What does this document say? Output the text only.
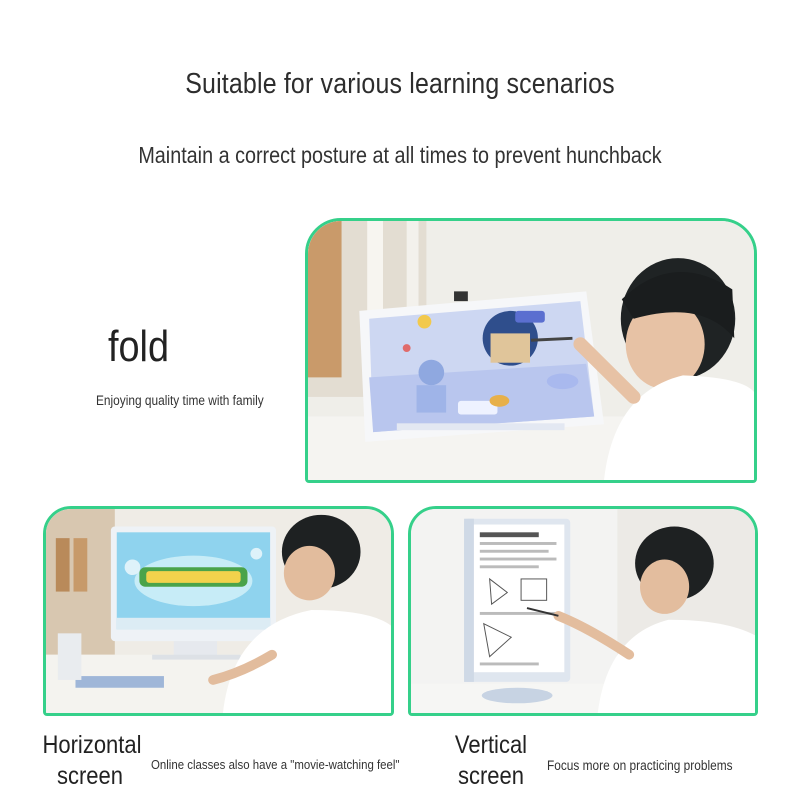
Suitable for various learning scenarios
Maintain a correct posture at all times to prevent hunchback
fold
Enjoying quality time with family
Horizontal
screen	Online classes also have a "movie-watching feel"
Vertical
screen	Focus more on practicing problems
